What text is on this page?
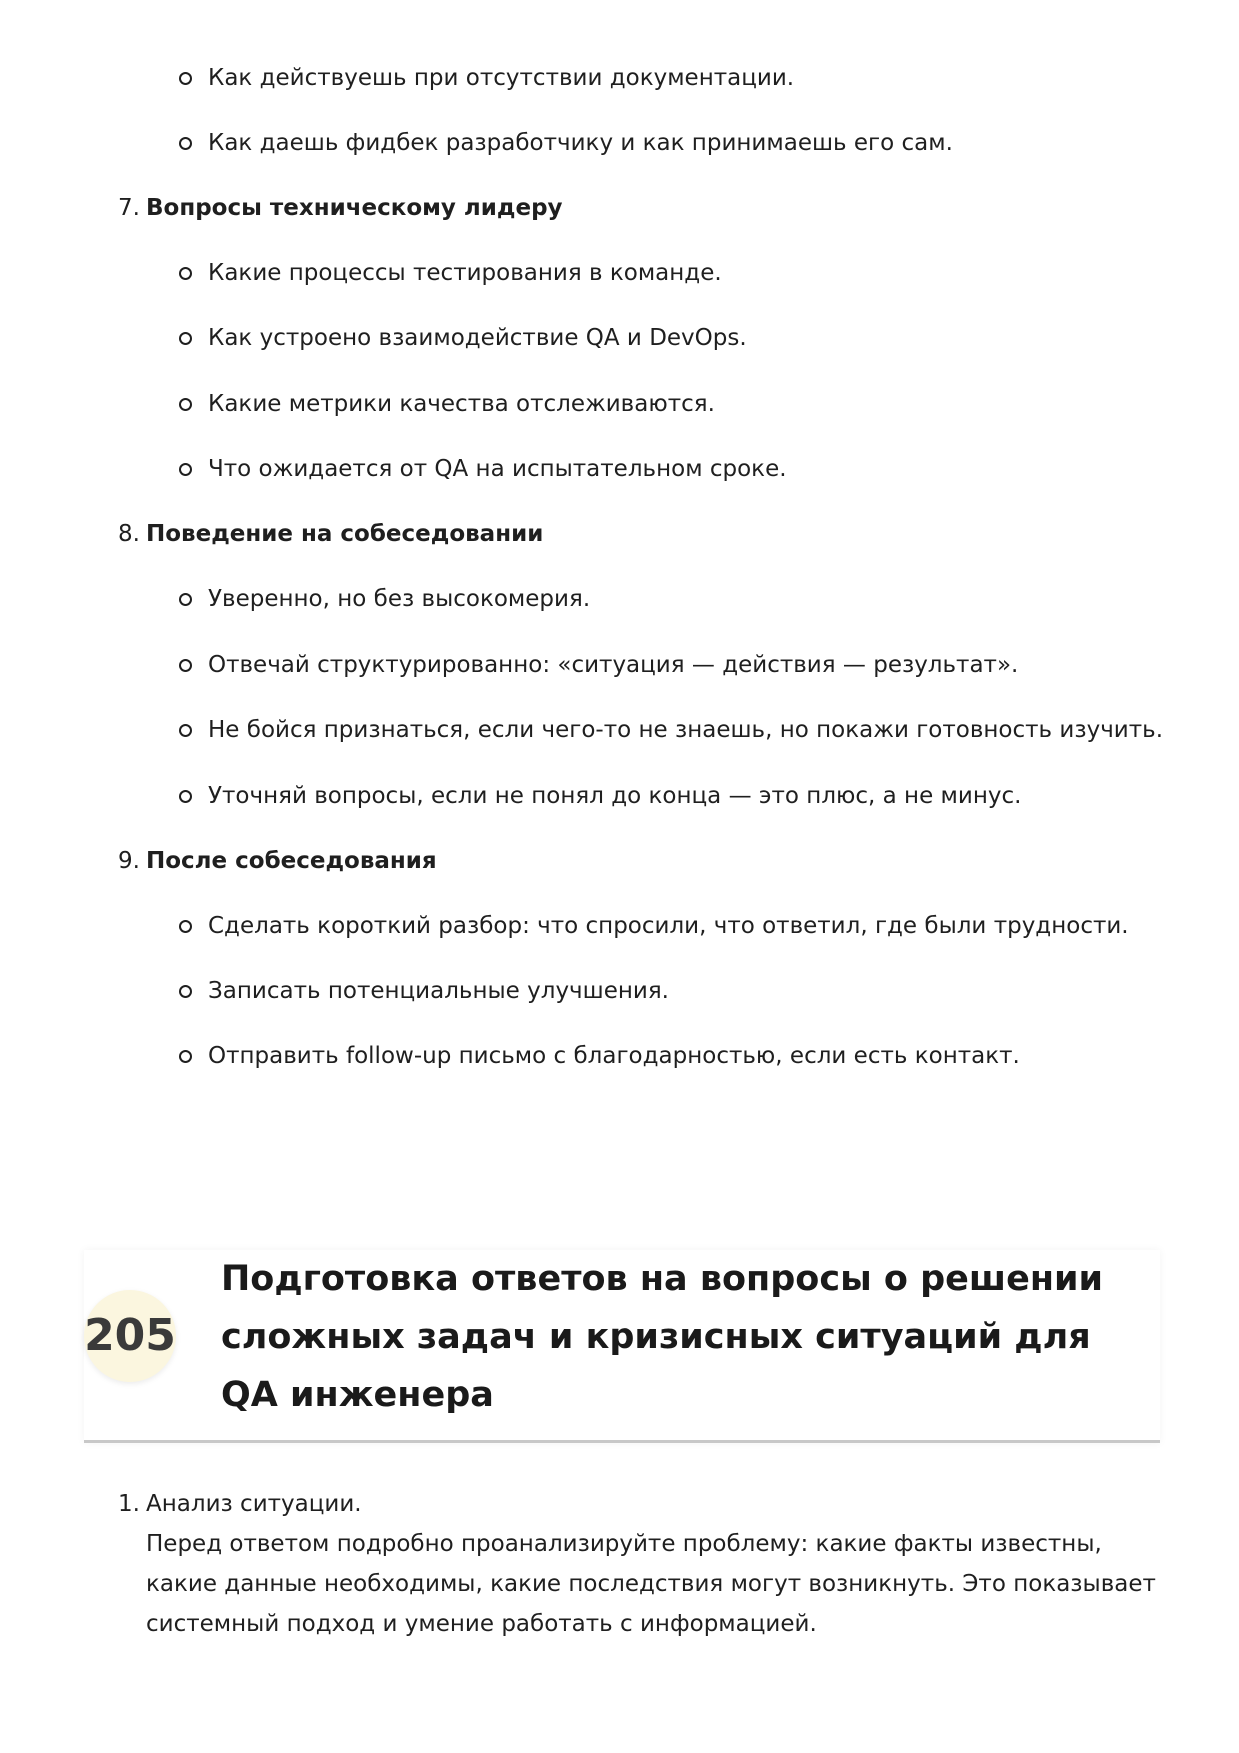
Как действуешь при отсутствии документации.
Как даешь фидбек разработчику и как принимаешь его сам.
7. Вопросы техническому лидеру
Какие процессы тестирования в команде.
Как устроено взаимодействие QA и DevOps.
Какие метрики качества отслеживаются.
Что ожидается от QA на испытательном сроке.
8. Поведение на собеседовании
Уверенно, но без высокомерия.
Отвечай структурированно: «ситуация — действия — результат».
Не бойся признаться, если чего-то не знаешь, но покажи готовность изучить.
Уточняй вопросы, если не понял до конца — это плюс, а не минус.
9. После собеседования
Сделать короткий разбор: что спросили, что ответил, где были трудности.
Записать потенциальные улучшения.
Отправить follow-up письмо с благодарностью, если есть контакт.
205
Подготовка ответов на вопросы о решении сложных задач и кризисных ситуаций для QA инженера
1. Анализ ситуации.
Перед ответом подробно проанализируйте проблему: какие факты известны, какие данные необходимы, какие последствия могут возникнуть. Это показывает системный подход и умение работать с информацией.
